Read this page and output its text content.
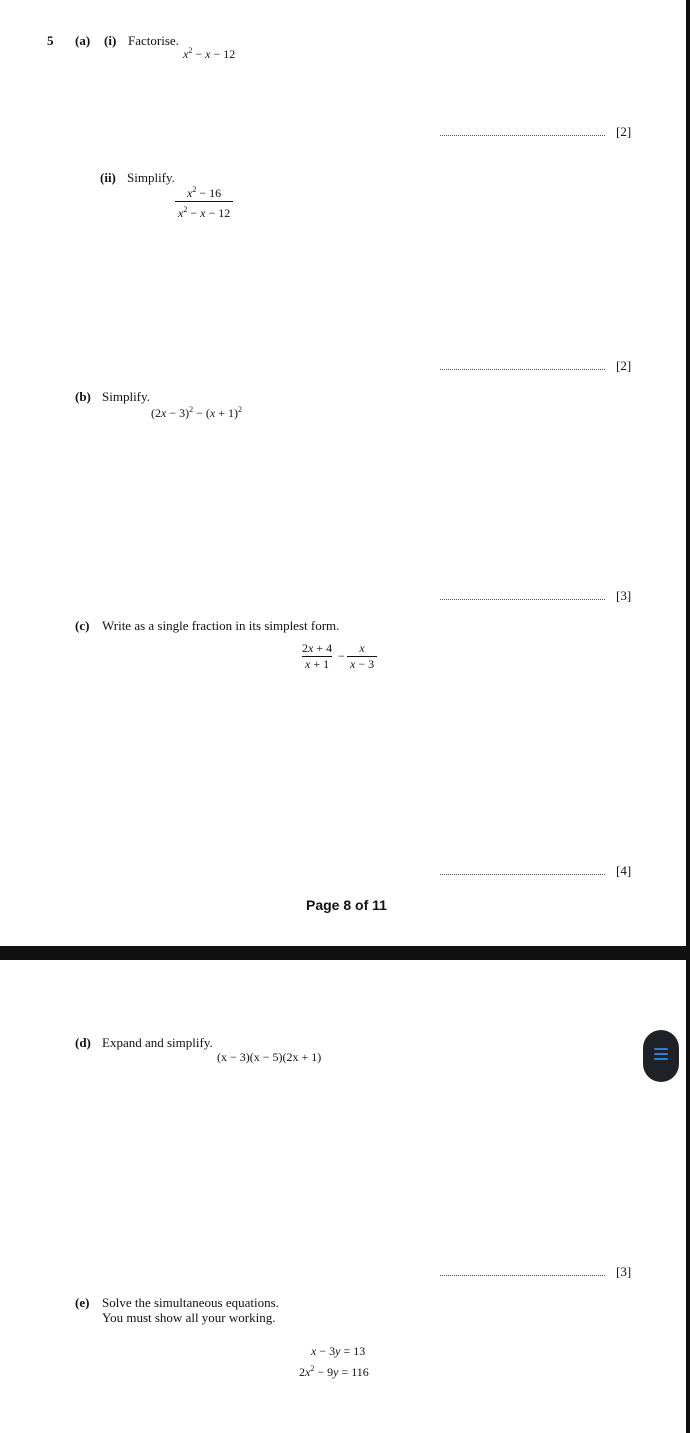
5 (a) (i) Factorise.
$x^2 - x - 12$
[2]
(ii) Simplify.
$\frac{x^2 - 16}{x^2 - x - 12}$
[2]
(b) Simplify.
$(2x - 3)^2 - (x + 1)^2$
[3]
(c) Write as a single fraction in its simplest form.
$\frac{2x + 4}{x + 1} - \frac{x}{x - 3}$
[4]
Page 8 of 11
(d) Expand and simplify.
(x − 3)(x − 5)(2x + 1)
[3]
(e) Solve the simultaneous equations.
You must show all your working.
x − 3y = 13
$2x^2 - 9y = 116$
